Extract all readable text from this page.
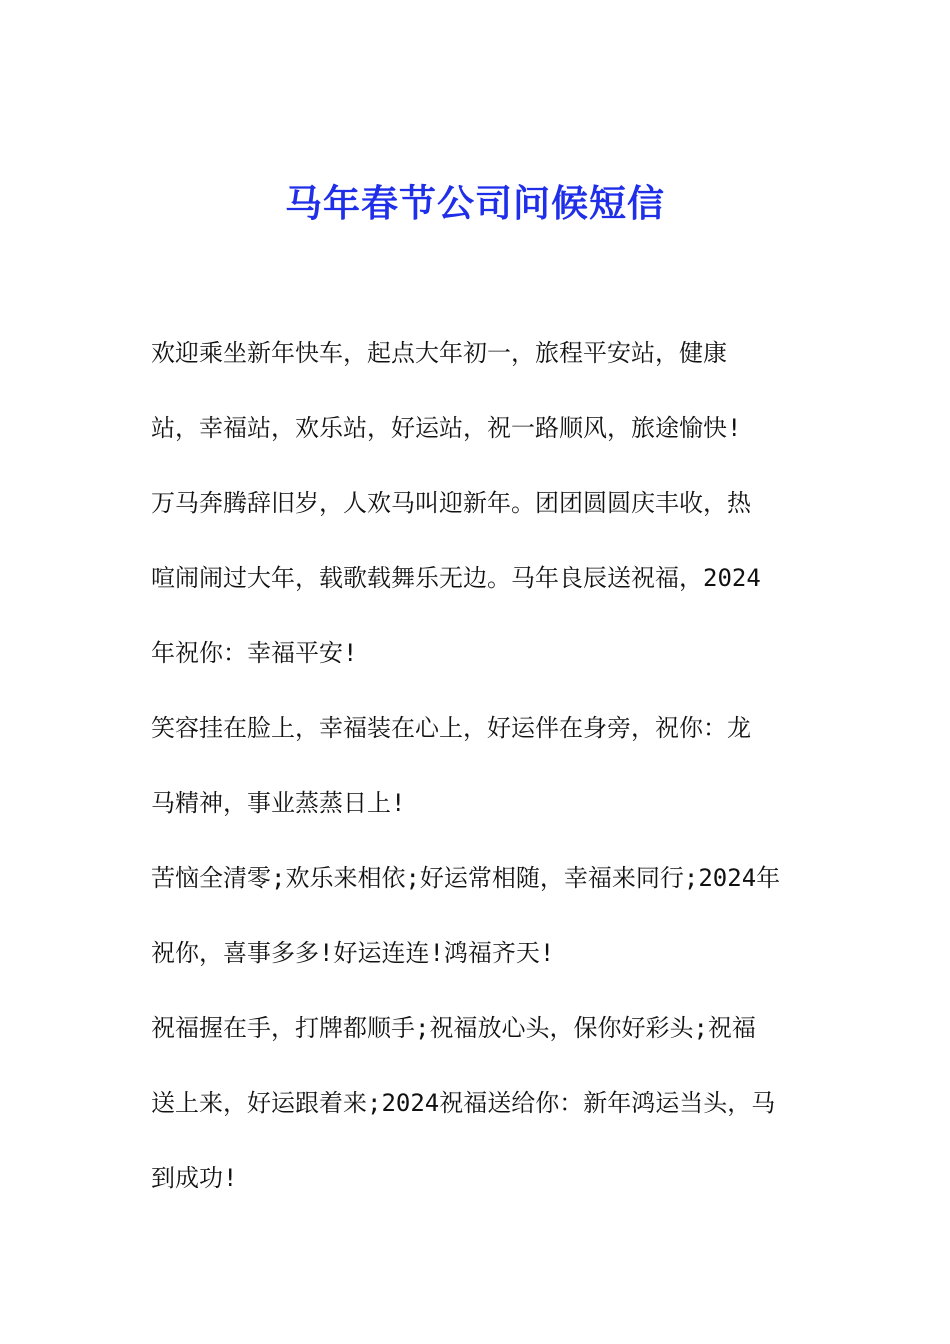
马年春节公司问候短信
欢迎乘坐新年快车，起点大年初一，旅程平安站，健康
站，幸福站，欢乐站，好运站，祝一路顺风，旅途愉快!
万马奔腾辞旧岁，人欢马叫迎新年。团团圆圆庆丰收，热
喧闹闹过大年，载歌载舞乐无边。马年良辰送祝福，2024
年祝你：幸福平安!
笑容挂在脸上，幸福装在心上，好运伴在身旁，祝你：龙
马精神，事业蒸蒸日上!
苦恼全清零;欢乐来相依;好运常相随，幸福来同行;2024年
祝你，喜事多多!好运连连!鸿福齐天!
祝福握在手，打牌都顺手;祝福放心头，保你好彩头;祝福
送上来，好运跟着来;2024祝福送给你：新年鸿运当头，马
到成功!
